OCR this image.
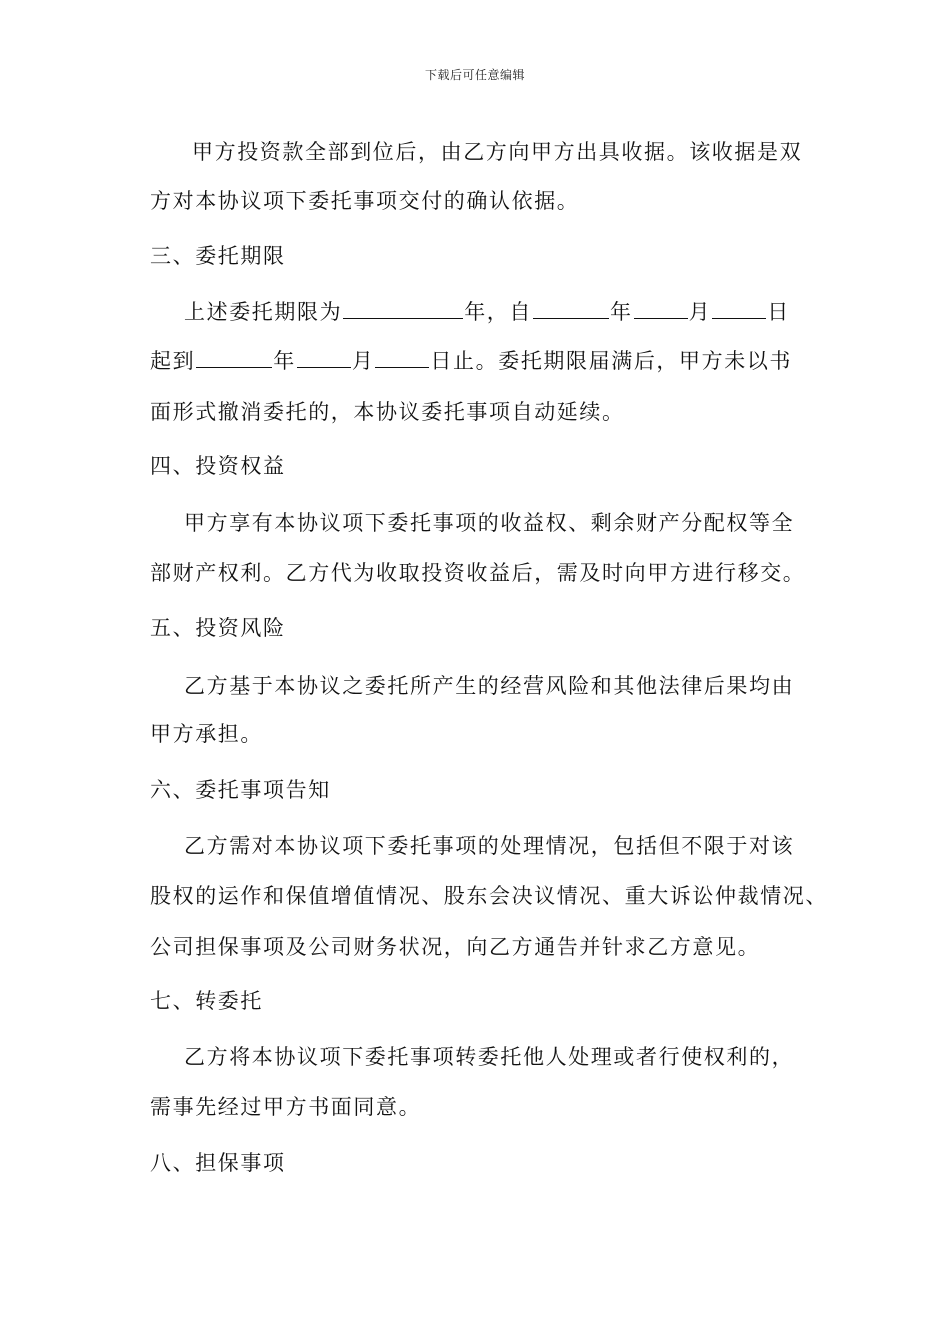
下载后可任意编辑
甲方投资款全部到位后，由乙方向甲方出具收据。该收据是双
方对本协议项下委托事项交付的确认依据。
三、委托期限
上述委托期限为	年，自	年	月	日
起到	年	月	日止。委托期限届满后，甲方未以书
面形式撤消委托的，本协议委托事项自动延续。
四、投资权益
甲方享有本协议项下委托事项的收益权、剩余财产分配权等全
部财产权利。乙方代为收取投资收益后，需及时向甲方进行移交。
五、投资风险
乙方基于本协议之委托所产生的经营风险和其他法律后果均由
甲方承担。
六、委托事项告知
乙方需对本协议项下委托事项的处理情况，包括但不限于对该
股权的运作和保值增值情况、股东会决议情况、重大诉讼仲裁情况、
公司担保事项及公司财务状况，向乙方通告并针求乙方意见。
七、转委托
乙方将本协议项下委托事项转委托他人处理或者行使权利的，
需事先经过甲方书面同意。
八、担保事项
